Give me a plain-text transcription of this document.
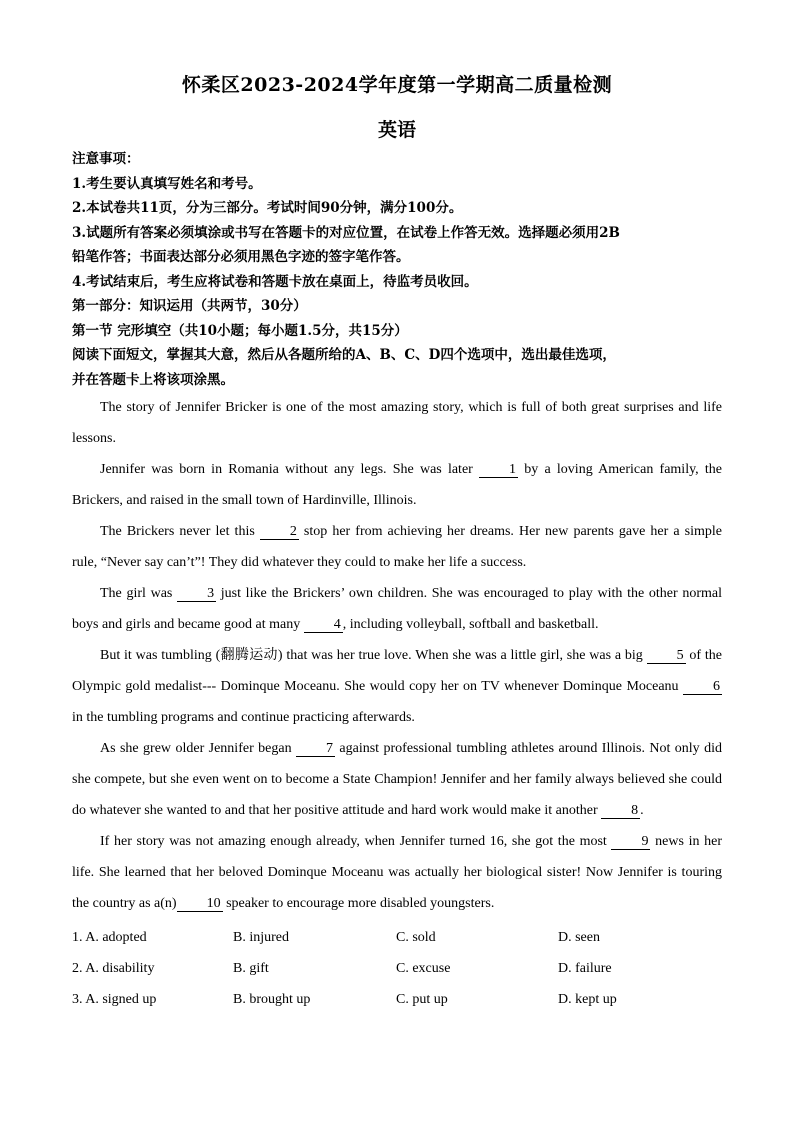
怀柔区2023-2024学年度第一学期高二质量检测
英语
注意事项：
1.考生要认真填写姓名和考号。
2.本试卷共11页，分为三部分。考试时间90分钟，满分100分。
3.试题所有答案必须填涂或书写在答题卡的对应位置，在试卷上作答无效。选择题必须用2B
铅笔作答；书面表达部分必须用黑色字迹的签字笔作答。
4.考试结束后，考生应将试卷和答题卡放在桌面上，待监考员收回。
第一部分：知识运用（共两节，30分）
第一节 完形填空（共10小题；每小题1.5分，共15分）
阅读下面短文，掌握其大意，然后从各题所给的A、B、C、D四个选项中，选出最佳选项，
并在答题卡上将该项涂黑。

The story of Jennifer Bricker is one of the most amazing story, which is full of both great surprises and life lessons.

Jennifer was born in Romania without any legs. She was later 1 by a loving American family, the Brickers, and raised in the small town of Hardinville, Illinois.

The Brickers never let this 2 stop her from achieving her dreams. Her new parents gave her a simple rule, “Never say can’t”! They did whatever they could to make her life a success.

The girl was 3 just like the Brickers’ own children. She was encouraged to play with the other normal boys and girls and became good at many 4 , including volleyball, softball and basketball.

But it was tumbling (翻腾运动) that was her true love. When she was a little girl, she was a big 5 of the Olympic gold medalist--- Dominque Moceanu. She would copy her on TV whenever Dominque Moceanu 6 in the tumbling programs and continue practicing afterwards.

As she grew older Jennifer began 7 against professional tumbling athletes around Illinois. Not only did she compete, but she even went on to become a State Champion! Jennifer and her family always believed she could do whatever she wanted to and that her positive attitude and hard work would make it another 8 .

If her story was not amazing enough already, when Jennifer turned 16, she got the most 9 news in her life. She learned that her beloved Dominque Moceanu was actually her biological sister! Now Jennifer is touring the country as a(n) 10 speaker to encourage more disabled youngsters.

1. A. adopted	B. injured	C. sold	D. seen
2. A. disability	B. gift	C. excuse	D. failure
3. A. signed up	B. brought up	C. put up	D. kept up
